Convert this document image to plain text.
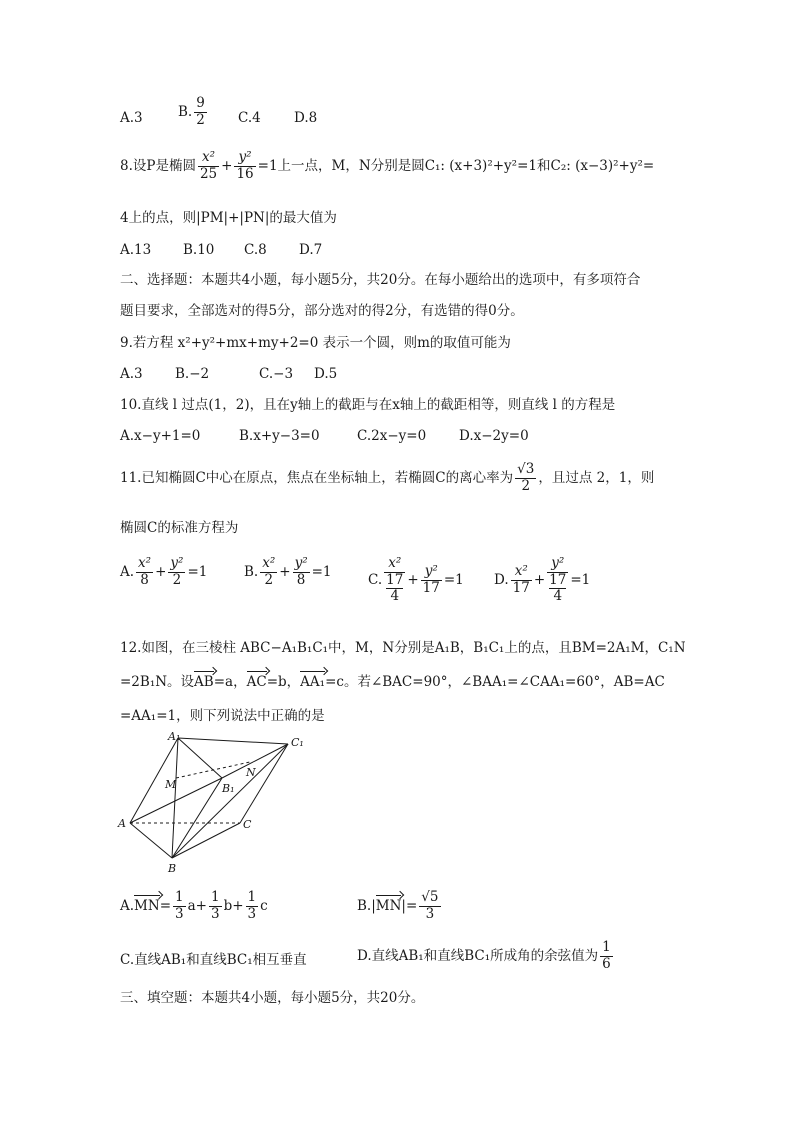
A.3	B. $\frac{9}{2} C.4$ D.8
8.设P是椭圆 $\frac{\text{x²}}{25} + \frac{\text{y²}}{16} =1$上一点，M，N分别是圆C₁: (x+3)²+y²=1和C₂: (x−3)²+y²=
4上的点，则|PM|+|PN|的最大值为
A.13 B.10 C.8 D.7
二、选择题：本题共4小题，每小题5分，共20分。在每小题给出的选项中，有多项符合
题目要求，全部选对的得5分，部分选对的得2分，有选错的得0分。
9.若方程 x²+y²+mx+my+2=0 表示一个圆，则m的取值可能为
A.3 B.−2	C.−3 D.5
10.直线 l 过点(1，2)，且在y轴上的截距与在x轴上的截距相等，则直线 l 的方程是
A.x−y+1=0	B.x+y−3=0	C.2x−y=0 D.x−2y=0
11.已知椭圆C中心在原点，焦点在坐标轴上，若椭圆C的离心率为 $\frac{√3}{2}$ ，且过点 2，1，则
椭圆C的标准方程为
A. $\frac{\text{x²}}{8} + \frac{\text{y²}}{2} =1$	B. $\frac{\text{x²}}{2} + \frac{\text{y²}}{8} =1$
C. x²
17
$4 + \frac{\text{y²}}{17} =1$ D. $\frac{\text{x²}}{17} + y^2$
17
4 =1
12.如图，在三棱柱 ABC−A₁B₁C₁中，M，N分别是A₁B，B₁C₁上的点，且BM=2A₁M，C₁N
=2B₁N。设AB=a，AC=b，AA₁=c。若∠BAC=90°，∠BAA₁=∠CAA₁=60°，AB=AC
=AA₁=1，则下列说法中正确的是
A₁	C₁
M
N
B₁
A	C
B
$A.MN= \frac{1}{3} a+ \frac{1}{3} b+ \frac{1}{3}$ c	$B.|MN|= \frac{√5}{3}$
C.直线AB₁和直线BC₁相互垂直	D.直线AB₁和直线BC₁所成角的余弦值为 $\frac{1}{6}$
三、填空题：本题共4小题，每小题5分，共20分。
